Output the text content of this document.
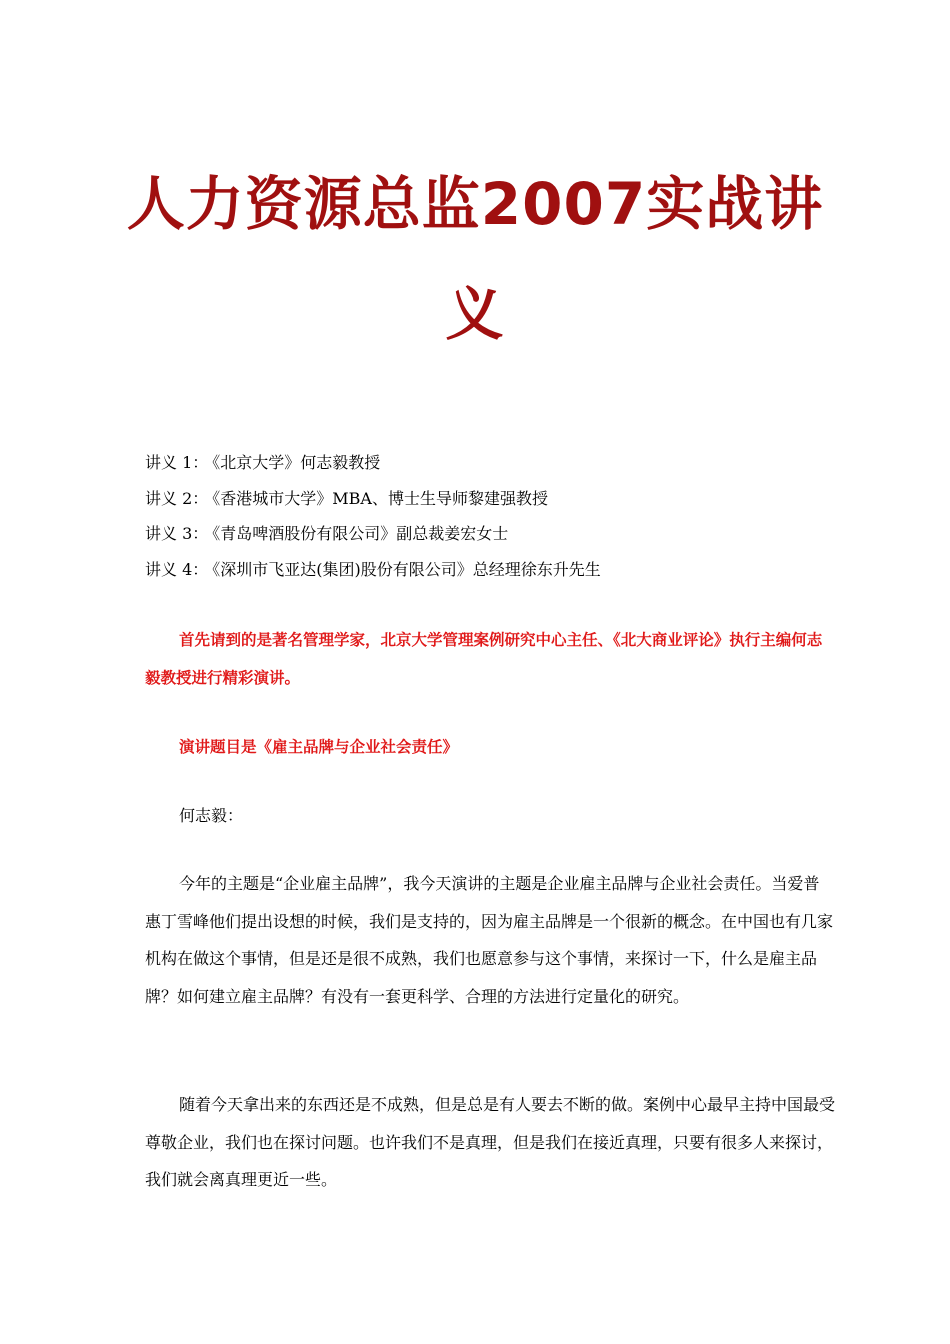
人力资源总监2007实战讲
义
讲义 1： 《北京大学》何志毅教授
讲义 2： 《香港城市大学》MBA、博士生导师黎建强教授
讲义 3： 《青岛啤酒股份有限公司》副总裁姜宏女士
讲义 4： 《深圳市飞亚达(集团)股份有限公司》总经理徐东升先生

首先请到的是著名管理学家，北京大学管理案例研究中心主任、《北大商业评论》执行主编何志毅教授进行精彩演讲。

演讲题目是《雇主品牌与企业社会责任》

何志毅：

今年的主题是“企业雇主品牌”，我今天演讲的主题是企业雇主品牌与企业社会责任。当爱普惠丁雪峰他们提出设想的时候，我们是支持的，因为雇主品牌是一个很新的概念。在中国也有几家机构在做这个事情，但是还是很不成熟，我们也愿意参与这个事情，来探讨一下，什么是雇主品牌？如何建立雇主品牌？有没有一套更科学、合理的方法进行定量化的研究。

随着今天拿出来的东西还是不成熟，但是总是有人要去不断的做。案例中心最早主持中国最受尊敬企业，我们也在探讨问题。也许我们不是真理，但是我们在接近真理，只要有很多人来探讨，我们就会离真理更近一些。
